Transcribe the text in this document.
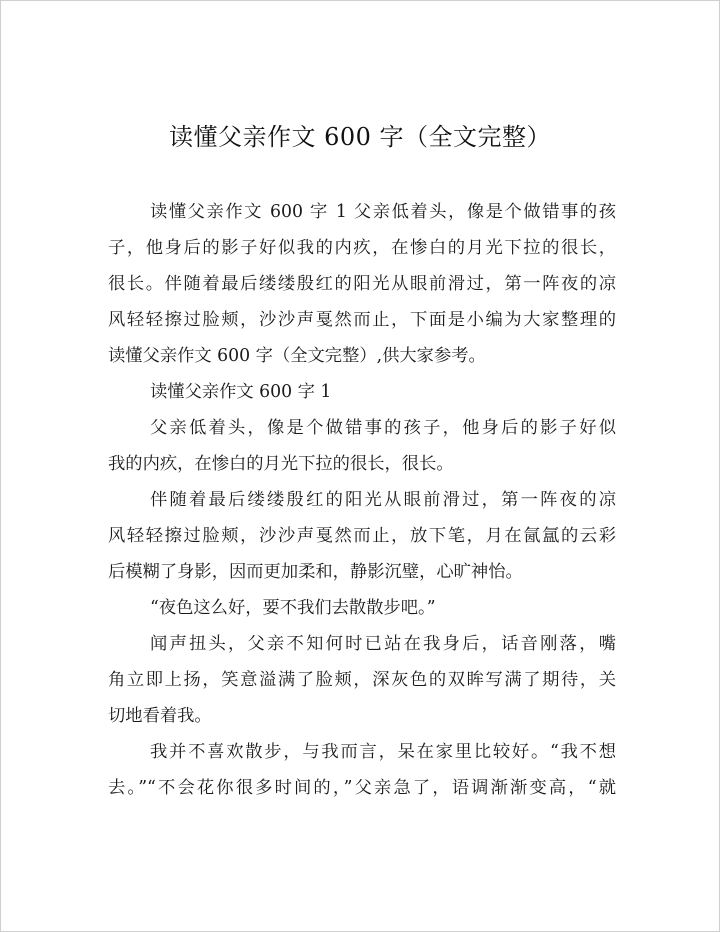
读懂父亲作文 600 字（全文完整）
读懂父亲作文 600 字 1 父亲低着头，像是个做错事的孩
子，他身后的影子好似我的内疚，在惨白的月光下拉的很长，
很长。伴随着最后缕缕殷红的阳光从眼前滑过，第一阵夜的凉
风轻轻擦过脸颊，沙沙声戛然而止，下面是小编为大家整理的
读懂父亲作文 600 字（全文完整）,供大家参考。
读懂父亲作文 600 字 1
父亲低着头，像是个做错事的孩子，他身后的影子好似
我的内疚，在惨白的月光下拉的很长，很长。
伴随着最后缕缕殷红的阳光从眼前滑过，第一阵夜的凉
风轻轻擦过脸颊，沙沙声戛然而止，放下笔，月在氤氲的云彩
后模糊了身影，因而更加柔和，静影沉璧，心旷神怡。
“夜色这么好，要不我们去散散步吧。”
闻声扭头，父亲不知何时已站在我身后，话音刚落，嘴
角立即上扬，笑意溢满了脸颊，深灰色的双眸写满了期待，关
切地看着我。
我并不喜欢散步，与我而言，呆在家里比较好。“我不想
去。”“不会花你很多时间的，”父亲急了，语调渐渐变高，“就
